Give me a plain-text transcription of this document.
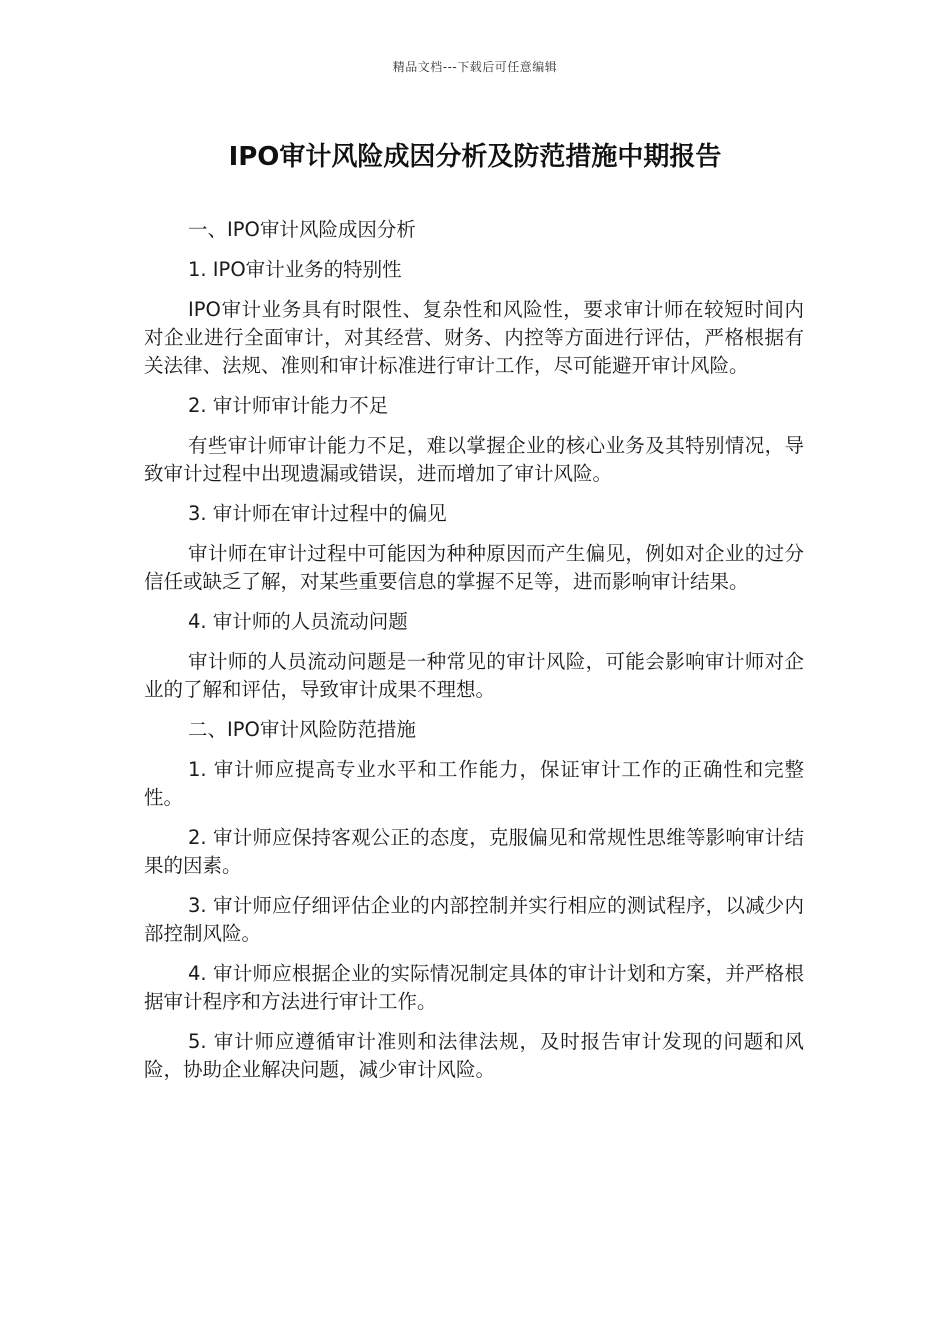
精品文档---下载后可任意编辑
IPO审计风险成因分析及防范措施中期报告

一、IPO审计风险成因分析

1. IPO审计业务的特别性

IPO审计业务具有时限性、复杂性和风险性，要求审计师在较短时间内对企业进行全面审计，对其经营、财务、内控等方面进行评估，严格根据有关法律、法规、准则和审计标准进行审计工作，尽可能避开审计风险。

2. 审计师审计能力不足

有些审计师审计能力不足，难以掌握企业的核心业务及其特别情况，导致审计过程中出现遗漏或错误，进而增加了审计风险。

3. 审计师在审计过程中的偏见

审计师在审计过程中可能因为种种原因而产生偏见，例如对企业的过分信任或缺乏了解，对某些重要信息的掌握不足等，进而影响审计结果。

4. 审计师的人员流动问题

审计师的人员流动问题是一种常见的审计风险，可能会影响审计师对企业的了解和评估，导致审计成果不理想。

二、IPO审计风险防范措施

1. 审计师应提高专业水平和工作能力，保证审计工作的正确性和完整性。

2. 审计师应保持客观公正的态度，克服偏见和常规性思维等影响审计结果的因素。

3. 审计师应仔细评估企业的内部控制并实行相应的测试程序，以减少内部控制风险。

4. 审计师应根据企业的实际情况制定具体的审计计划和方案，并严格根据审计程序和方法进行审计工作。

5. 审计师应遵循审计准则和法律法规，及时报告审计发现的问题和风险，协助企业解决问题，减少审计风险。
